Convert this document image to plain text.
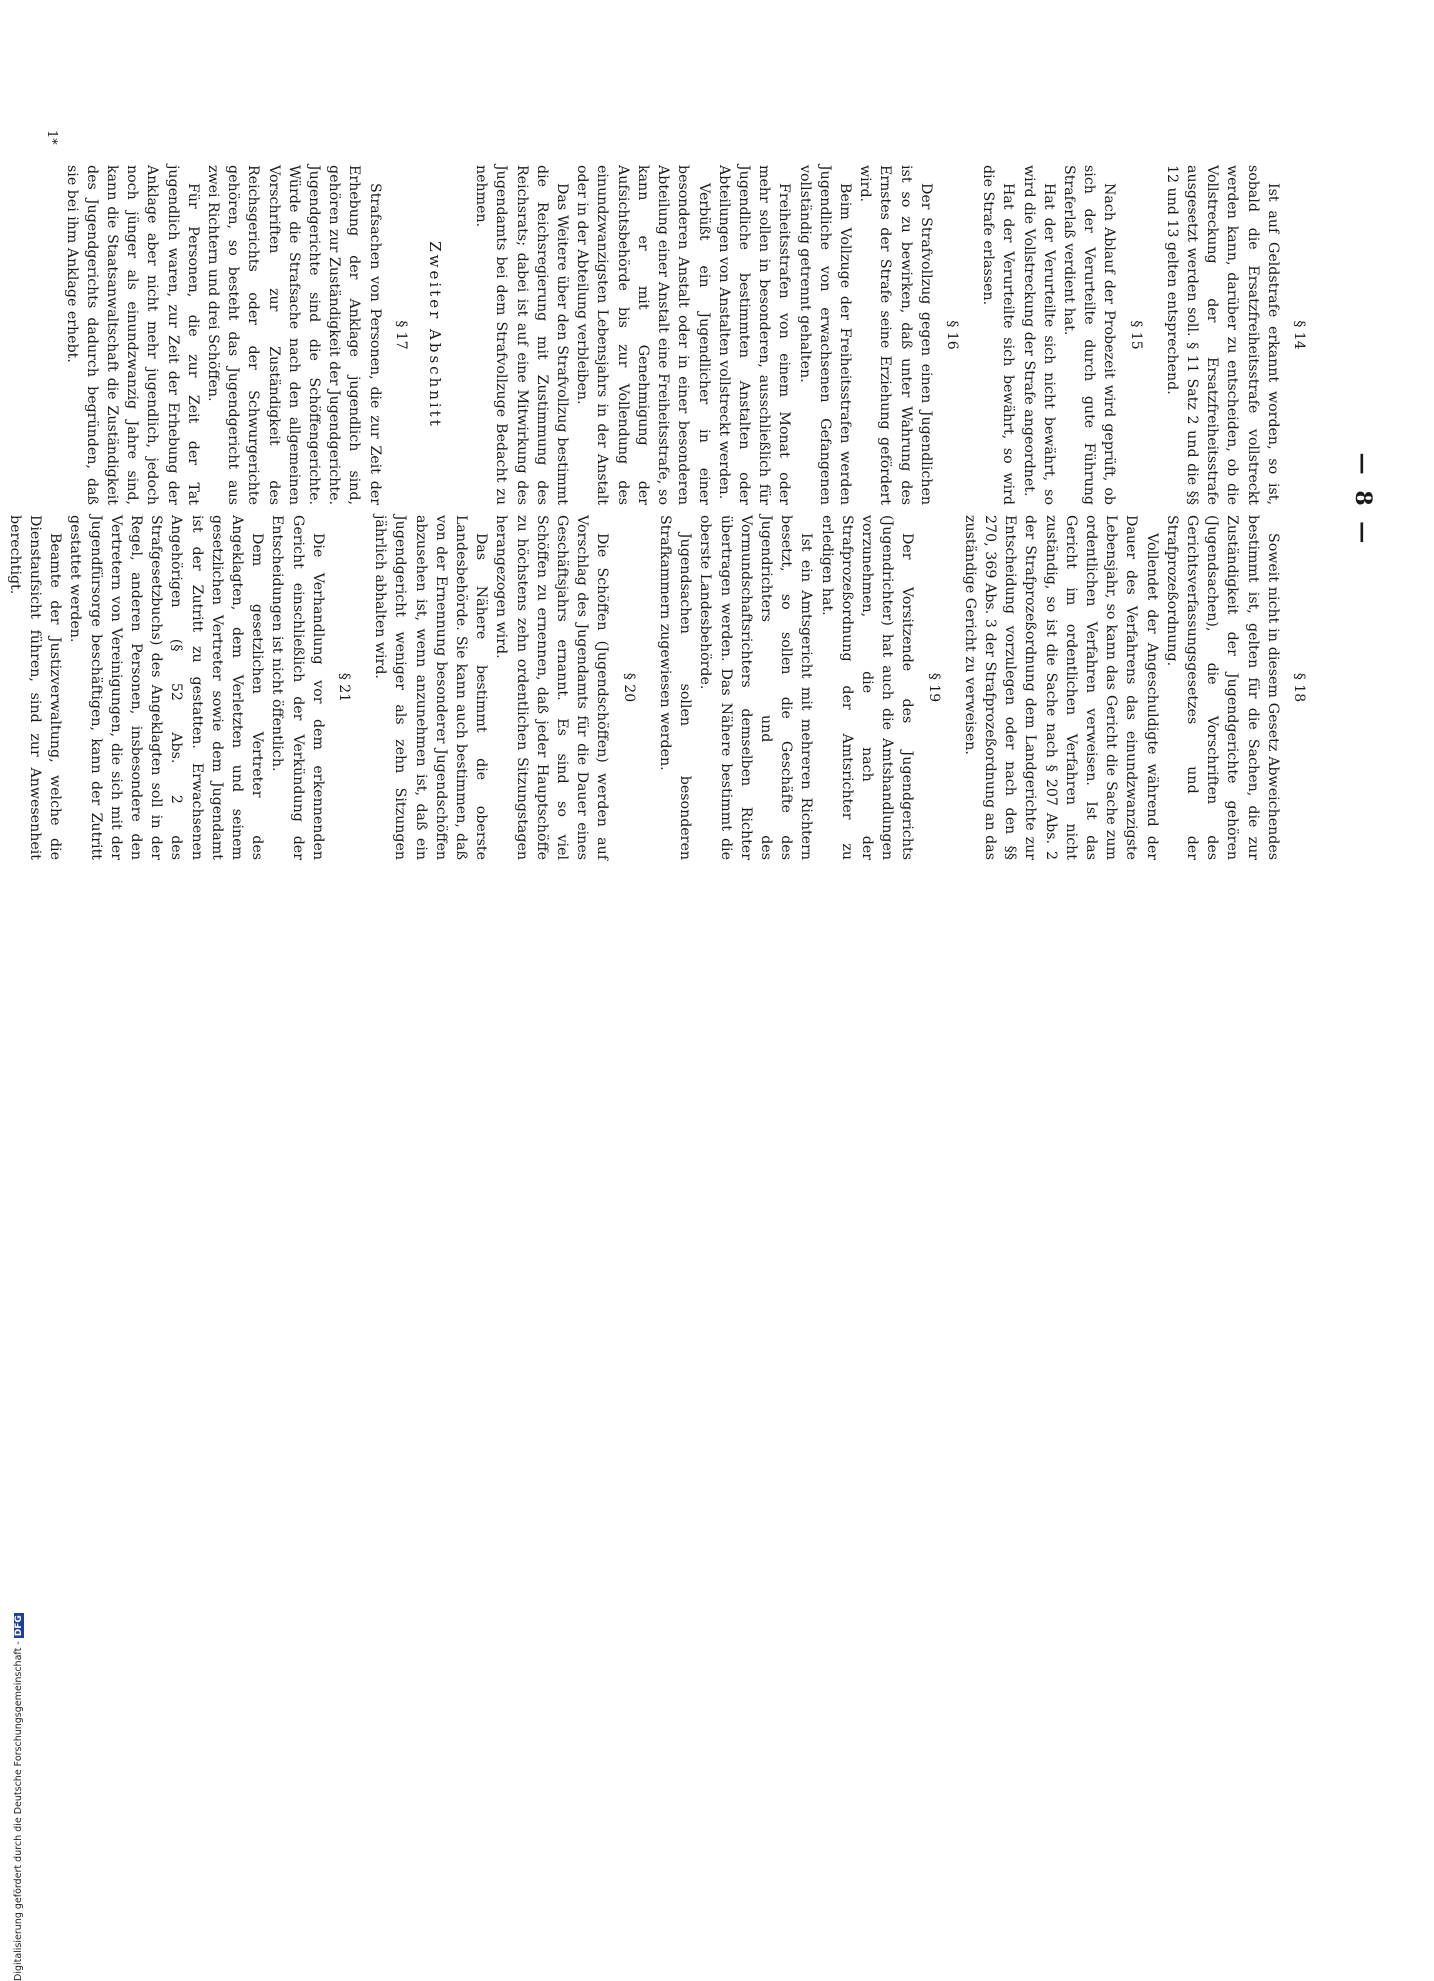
— 8 —
§ 14

Ist auf Geldstrafe erkannt worden, so ist, sobald die Ersatzfreiheitsstrafe vollstreckt werden kann, darüber zu entscheiden, ob die Vollstreckung der Ersatzfreiheitsstrafe ausgesetzt werden soll. § 11 Satz 2 und die §§ 12 und 13 gelten entsprechend.

§ 15

Nach Ablauf der Probezeit wird geprüft, ob sich der Verurteilte durch gute Führung Straferlaß verdient hat.

Hat der Verurteilte sich nicht bewährt, so wird die Vollstreckung der Strafe angeordnet.

Hat der Verurteilte sich bewährt, so wird die Strafe erlassen.

§ 16

Der Strafvollzug gegen einen Jugendlichen ist so zu bewirken, daß unter Wahrung des Ernstes der Strafe seine Erziehung gefördert wird.

Beim Vollzuge der Freiheitsstrafen werden Jugendliche von erwachsenen Gefangenen vollständig getrennt gehalten.

Freiheitsstrafen von einem Monat oder mehr sollen in besonderen, ausschließlich für Jugendliche bestimmten Anstalten oder Abteilungen von Anstalten vollstreckt werden.

Verbüßt ein Jugendlicher in einer besonderen Anstalt oder in einer besonderen Abteilung einer Anstalt eine Freiheitsstrafe, so kann er mit Genehmigung der Aufsichtsbehörde bis zur Vollendung des einundzwanzigsten Lebensjahrs in der Anstalt oder in der Abteilung verbleiben.

Das Weitere über den Strafvollzug bestimmt die Reichsregierung mit Zustimmung des Reichsrats; dabei ist auf eine Mitwirkung des Jugendamts bei dem Strafvollzuge Bedacht zu nehmen.

Zweiter Abschnitt
§ 17

Strafsachen von Personen, die zur Zeit der Erhebung der Anklage jugendlich sind, gehören zur Zuständigkeit der Jugendgerichte. Jugendgerichte sind die Schöffengerichte. Würde die Strafsache nach den allgemeinen Vorschriften zur Zuständigkeit des Reichsgerichts oder der Schwurgerichte gehören, so besteht das Jugendgericht aus zwei Richtern und drei Schöffen.

Für Personen, die zur Zeit der Tat jugendlich waren, zur Zeit der Erhebung der Anklage aber nicht mehr jugendlich, jedoch noch jünger als einundzwanzig Jahre sind, kann die Staatsanwaltschaft die Zuständigkeit des Jugendgerichts dadurch begründen, daß sie bei ihm Anklage erhebt.

§ 18

Soweit nicht in diesem Gesetz Abweichendes bestimmt ist, gelten für die Sachen, die zur Zuständigkeit der Jugendgerichte gehören (Jugendsachen), die Vorschriften des Gerichtsverfassungsgesetzes und der Strafprozeßordnung.

Vollendet der Angeschuldigte während der Dauer des Verfahrens das einundzwanzigste Lebensjahr, so kann das Gericht die Sache zum ordentlichen Verfahren verweisen. Ist das Gericht im ordentlichen Verfahren nicht zuständig, so ist die Sache nach § 207 Abs. 2 der Strafprozeßordnung dem Landgerichte zur Entscheidung vorzulegen oder nach den §§ 270, 369 Abs. 3 der Strafprozeßordnung an das zuständige Gericht zu verweisen.

§ 19

Der Vorsitzende des Jugendgerichts (Jugendrichter) hat auch die Amtshandlungen vorzunehmen, die nach der Strafprozeßordnung der Amtsrichter zu erledigen hat.

Ist ein Amtsgericht mit mehreren Richtern besetzt, so sollen die Geschäfte des Jugendrichters und des Vormundschaftsrichters demselben Richter übertragen werden. Das Nähere bestimmt die oberste Landesbehörde.

Jugendsachen sollen besonderen Strafkammern zugewiesen werden.

§ 20

Die Schöffen (Jugendschöffen) werden auf Vorschlag des Jugendamts für die Dauer eines Geschäftsjahrs ernannt. Es sind so viel Schöffen zu ernennen, daß jeder Hauptschöffe zu höchstens zehn ordentlichen Sitzungstagen herangezogen wird.

Das Nähere bestimmt die oberste Landesbehörde. Sie kann auch bestimmen, daß von der Ernennung besonderer Jugendschöffen abzusehen ist, wenn anzunehmen ist, daß ein Jugendgericht weniger als zehn Sitzungen jährlich abhalten wird.

§ 21

Die Verhandlung vor dem erkennenden Gericht einschließlich der Verkündung der Entscheidungen ist nicht öffentlich.

Dem gesetzlichen Vertreter des Angeklagten, dem Verletzten und seinem gesetzlichen Vertreter sowie dem Jugendamt ist der Zutritt zu gestatten. Erwachsenen Angehörigen (§ 52 Abs. 2 des Strafgesetzbuchs) des Angeklagten soll in der Regel, anderen Personen, insbesondere den Vertretern von Vereinigungen, die sich mit der Jugendfürsorge beschäftigen, kann der Zutritt gestattet werden.

Beamte der Justizverwaltung, welche die Dienstaufsicht führen, sind zur Anwesenheit berechtigt.

1*
Digitalisierung gefördert durch die Deutsche Forschungsgemeinschaft -DFG
